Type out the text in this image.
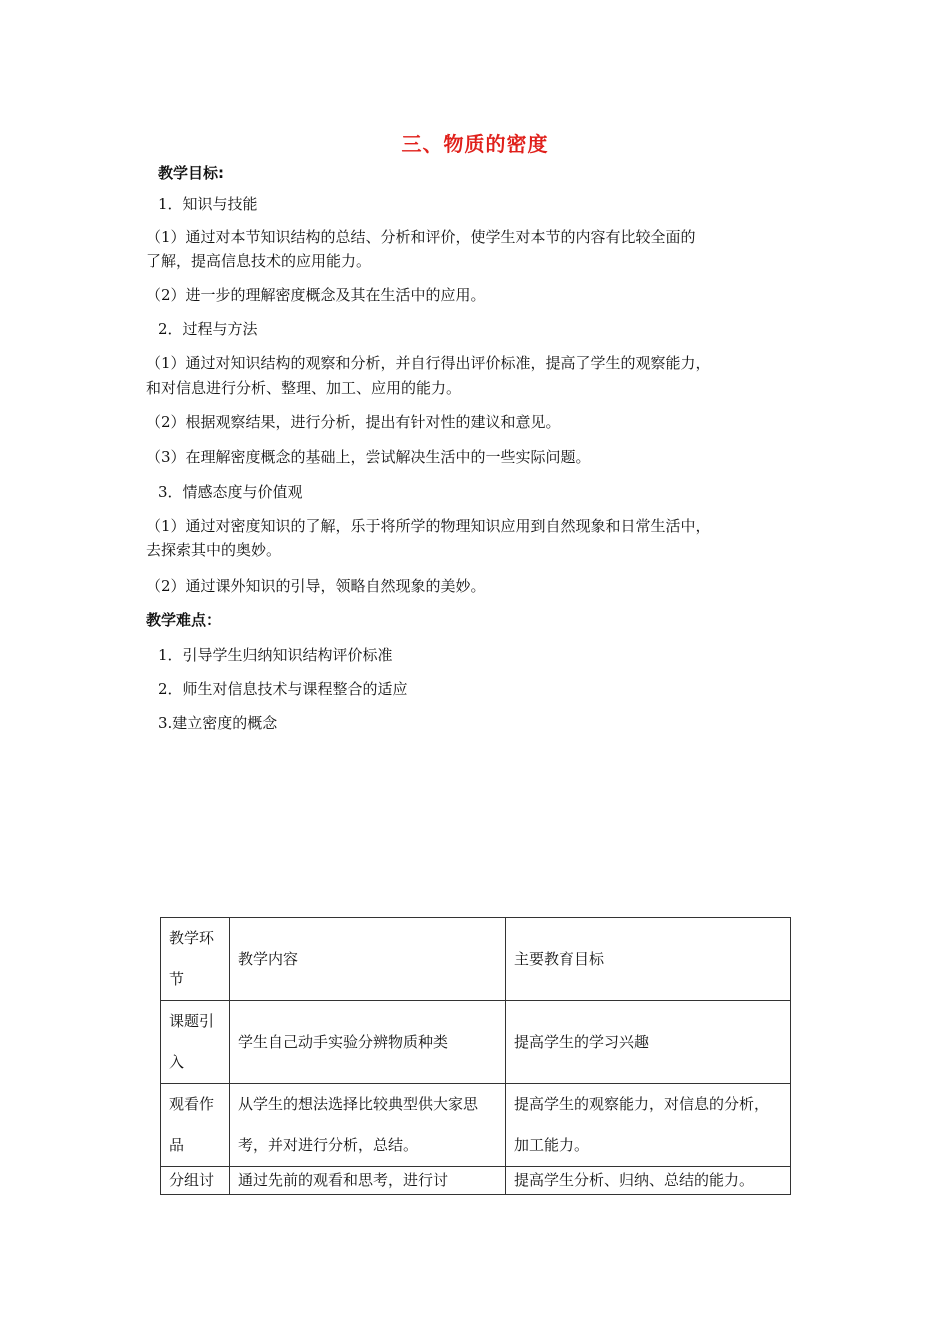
三、物质的密度
教学目标:
1．知识与技能
（1）通过对本节知识结构的总结、分析和评价，使学生对本节的内容有比较全面的
了解，提高信息技术的应用能力。
（2）进一步的理解密度概念及其在生活中的应用。
2．过程与方法
（1）通过对知识结构的观察和分析，并自行得出评价标准，提高了学生的观察能力，
和对信息进行分析、整理、加工、应用的能力。
（2）根据观察结果，进行分析，提出有针对性的建议和意见。
（3）在理解密度概念的基础上，尝试解决生活中的一些实际问题。
3．情感态度与价值观
（1）通过对密度知识的了解，乐于将所学的物理知识应用到自然现象和日常生活中，
去探索其中的奥妙。
（2）通过课外知识的引导，领略自然现象的美妙。
教学难点：
1．引导学生归纳知识结构评价标准
2．师生对信息技术与课程整合的适应
3.建立密度的概念
教学环节	教学内容	主要教育目标
课题引入	学生自己动手实验分辨物质种类	提高学生的学习兴趣
观看作品	从学生的想法选择比较典型供大家思考，并对进行分析，总结。	提高学生的观察能力，对信息的分析，加工能力。

分组讨	通过先前的观看和思考，进行讨	提高学生分析、归纳、总结的能力。
